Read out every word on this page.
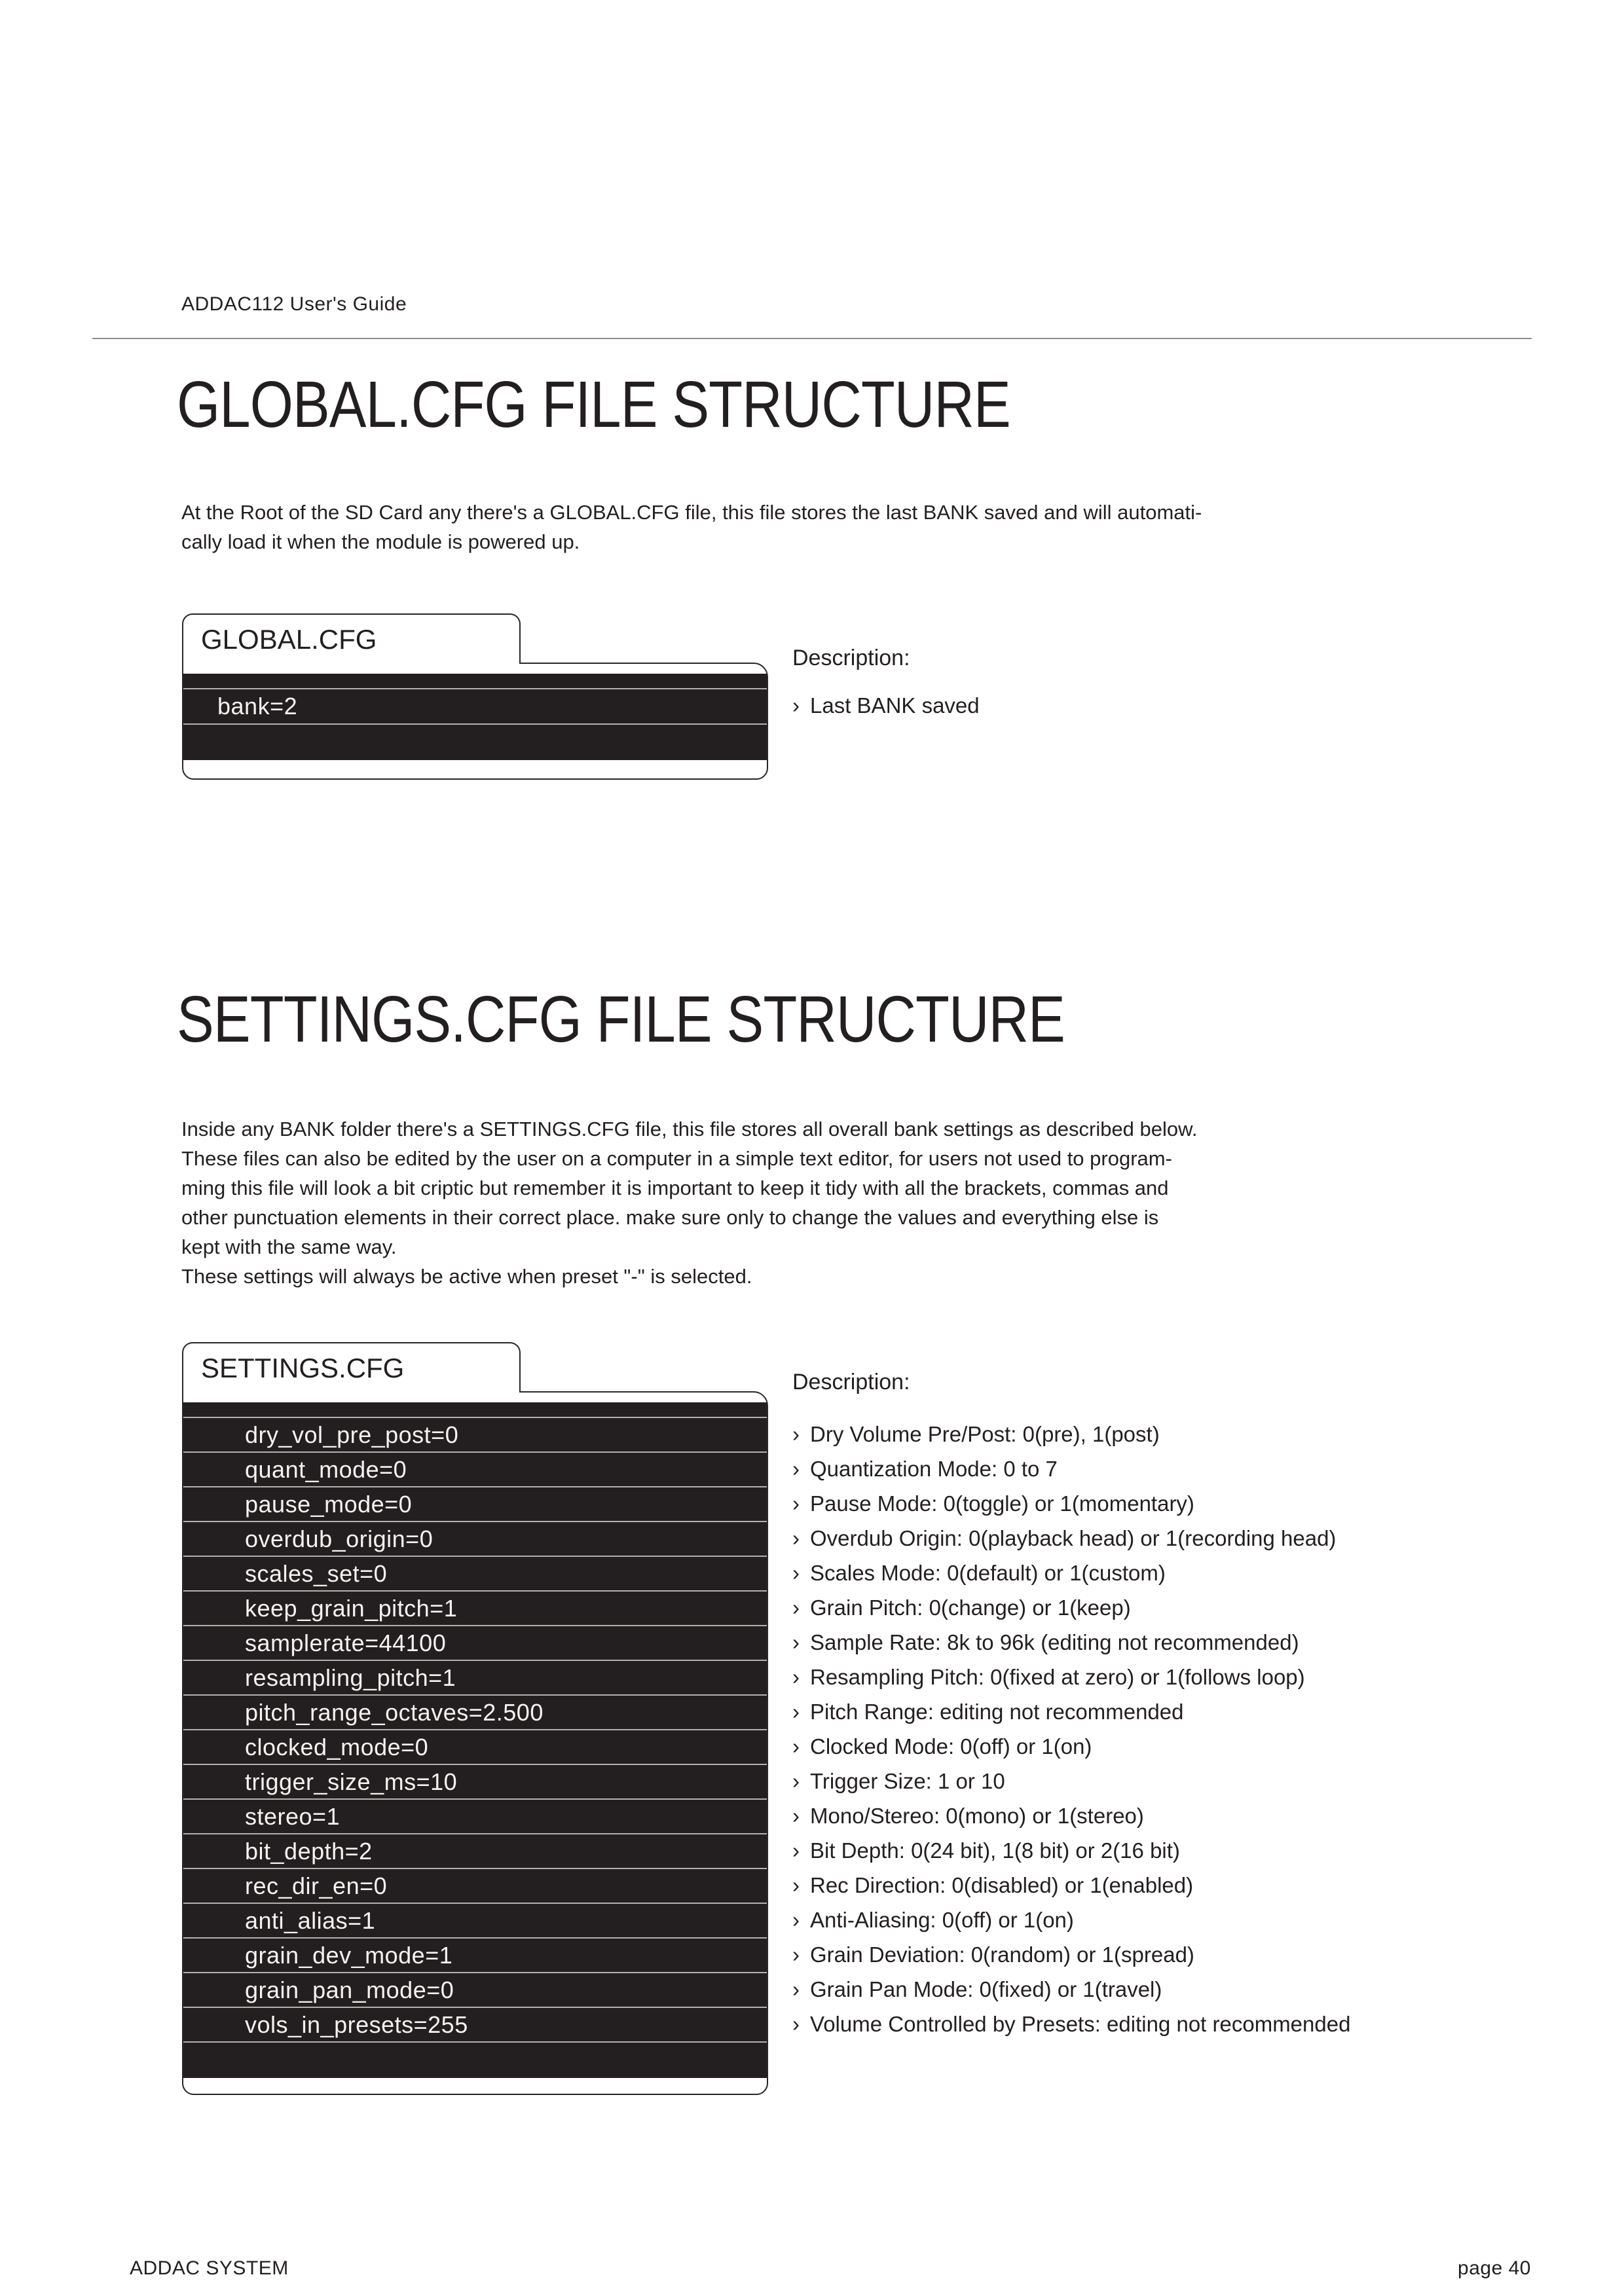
ADDAC112 User's Guide
GLOBAL.CFG FILE STRUCTURE
At the Root of the SD Card any there's a GLOBAL.CFG file, this file stores the last BANK saved and will automati-
cally load it when the module is powered up.
GLOBAL.CFG
bank=2
Description:
› Last BANK saved
SETTINGS.CFG FILE STRUCTURE
Inside any BANK folder there's a SETTINGS.CFG file, this file stores all overall bank settings as described below.
These files can also be edited by the user on a computer in a simple text editor, for users not used to program-
ming this file will look a bit criptic but remember it is important to keep it tidy with all the brackets, commas and
other punctuation elements in their correct place. make sure only to change the values and everything else is
kept with the same way.
These settings will always be active when preset "-" is selected.
SETTINGS.CFG
dry_vol_pre_post=0
quant_mode=0
pause_mode=0
overdub_origin=0
scales_set=0
keep_grain_pitch=1
samplerate=44100
resampling_pitch=1
pitch_range_octaves=2.500
clocked_mode=0
trigger_size_ms=10
stereo=1
bit_depth=2
rec_dir_en=0
anti_alias=1
grain_dev_mode=1
grain_pan_mode=0
vols_in_presets=255
Description:
› Dry Volume Pre/Post: 0(pre), 1(post)
› Quantization Mode: 0 to 7
› Pause Mode: 0(toggle) or 1(momentary)
› Overdub Origin: 0(playback head) or 1(recording head)
› Scales Mode: 0(default) or 1(custom)
› Grain Pitch: 0(change) or 1(keep)
› Sample Rate: 8k to 96k (editing not recommended)
› Resampling Pitch: 0(fixed at zero) or 1(follows loop)
› Pitch Range: editing not recommended
› Clocked Mode: 0(off) or 1(on)
› Trigger Size: 1 or 10
› Mono/Stereo: 0(mono) or 1(stereo)
› Bit Depth: 0(24 bit), 1(8 bit) or 2(16 bit)
› Rec Direction: 0(disabled) or 1(enabled)
› Anti-Aliasing: 0(off) or 1(on)
› Grain Deviation: 0(random) or 1(spread)
› Grain Pan Mode: 0(fixed) or 1(travel)
› Volume Controlled by Presets: editing not recommended
ADDAC SYSTEM	page 40
